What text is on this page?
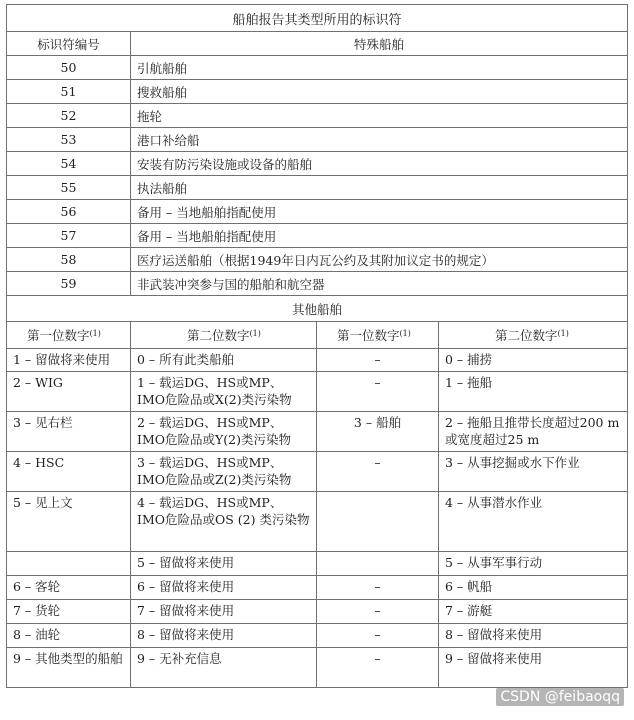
船舶报告其类型所用的标识符	
标识符编号	特殊船舶
50	引航船舶
51	搜救船舶
52	拖轮
53	港口补给船
54	安装有防污染设施或设备的船舶
55	执法船舶
56	备用 – 当地船舶指配使用
57	备用 – 当地船舶指配使用
58	医疗运送船舶（根据1949年日内瓦公约及其附加议定书的规定）
59	非武装冲突参与国的船舶和航空器
其他船舶	
第一位数字$^{(1)}$	第二位数字$^{(1)}$	第一位数字$^{(1)}$	第二位数字$^{(1)}$
1 – 留做将来使用	0 – 所有此类船舶	–	0 – 捕捞
2 – WIG	1 – 载运DG、HS或MP、IMO危险品或X(2)类污染物	–	1 – 拖船
3 – 见右栏	2 – 载运DG、HS或MP、IMO危险品或Y(2)类污染物	3 – 船舶	2 – 拖船且推带长度超过200 m或宽度超过25 m
4 – HSC	3 – 载运DG、HS或MP、IMO危险品或Z(2)类污染物	–	3 – 从事挖掘或水下作业
5 – 见上文	4 – 载运DG、HS或MP、IMO危险品或OS (2) 类污染物		4 – 从事潜水作业
	5 – 留做将来使用		5 – 从事军事行动
6 – 客轮	6 – 留做将来使用	–	6 – 帆船
7 – 货轮	7 – 留做将来使用	–	7 – 游艇
8 – 油轮	8 – 留做将来使用	–	8 – 留做将来使用
9 – 其他类型的船舶	9 – 无补充信息	–	9 – 留做将来使用
CSDN @feibaoqq
